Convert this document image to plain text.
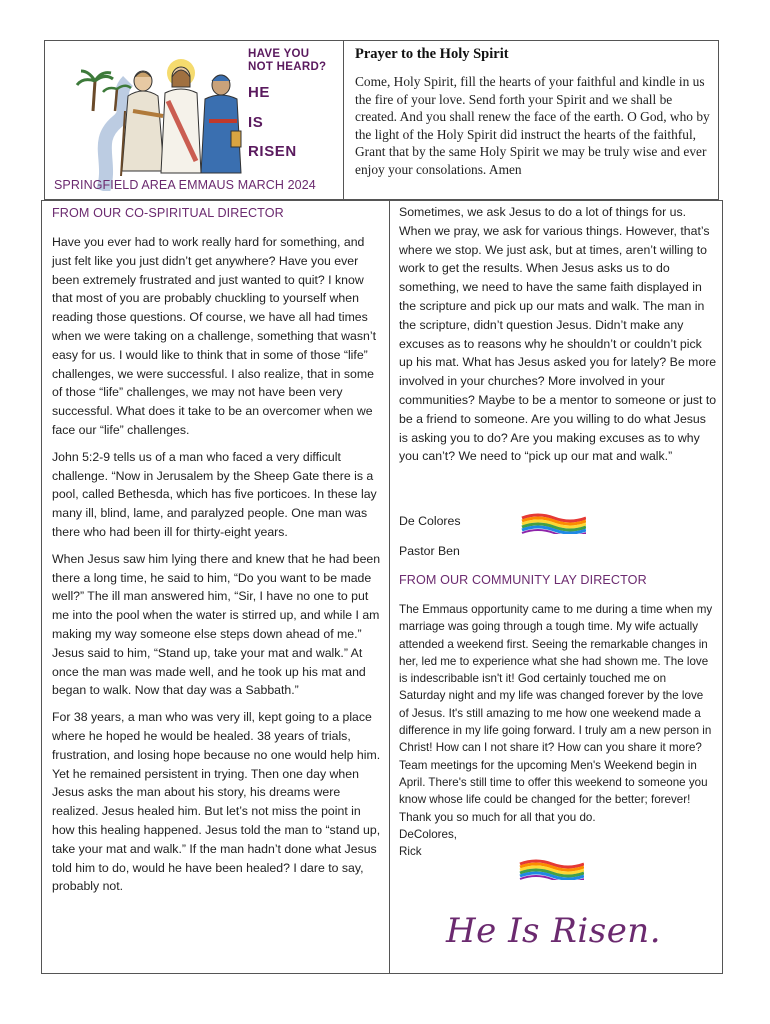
HAVE YOU NOT HEARD?
HE
IS
RISEN
SPRINGFIELD AREA EMMAUS MARCH 2024
Prayer to the Holy Spirit
Come, Holy Spirit, fill the hearts of your faithful and kindle in us the fire of your love. Send forth your Spirit and we shall be created. And you shall renew the face of the earth. O God, who by the light of the Holy Spirit did instruct the hearts of the faithful, Grant that by the same Holy Spirit we may be truly wise and ever enjoy your consolations. Amen
FROM OUR CO-SPIRITUAL DIRECTOR

Have you ever had to work really hard for something, and just felt like you just didn’t get anywhere? Have you ever been extremely frustrated and just wanted to quit? I know that most of you are probably chuckling to yourself when reading those questions. Of course, we have all had times when we were taking on a challenge, something that wasn’t easy for us. I would like to think that in some of those “life” challenges, we were successful. I also realize, that in some of those “life” challenges, we may not have been very successful. What does it take to be an overcomer when we face our “life” challenges.

John 5:2-9 tells us of a man who faced a very difficult challenge. “Now in Jerusalem by the Sheep Gate there is a pool, called Bethesda, which has five porticoes. In these lay many ill, blind, lame, and paralyzed people. One man was there who had been ill for thirty-eight years.

When Jesus saw him lying there and knew that he had been there a long time, he said to him, “Do you want to be made well?” The ill man answered him, “Sir, I have no one to put me into the pool when the water is stirred up, and while I am making my way someone else steps down ahead of me.” Jesus said to him, “Stand up, take your mat and walk.” At once the man was made well, and he took up his mat and began to walk. Now that day was a Sabbath.”

For 38 years, a man who was very ill, kept going to a place where he hoped he would be healed. 38 years of trials, frustration, and losing hope because no one would help him. Yet he remained persistent in trying. Then one day when Jesus asks the man about his story, his dreams were realized. Jesus healed him. But let’s not miss the point in how this healing happened. Jesus told the man to “stand up, take your mat and walk.” If the man hadn’t done what Jesus told him to do, would he have been healed? I dare to say, probably not.

Sometimes, we ask Jesus to do a lot of things for us. When we pray, we ask for various things. However, that’s where we stop. We just ask, but at times, aren’t willing to work to get the results. When Jesus asks us to do something, we need to have the same faith displayed in the scripture and pick up our mats and walk. The man in the scripture, didn’t question Jesus. Didn’t make any excuses as to reasons why he shouldn’t or couldn’t pick up his mat. What has Jesus asked you for lately? Be more involved in your churches? More involved in your communities? Maybe to be a mentor to someone or just to be a friend to someone. Are you willing to do what Jesus is asking you to do? Are you making excuses as to why you can’t? We need to “pick up our mat and walk.”

De Colores
Pastor Ben
FROM OUR COMMUNITY LAY DIRECTOR

The Emmaus opportunity came to me during a time when my marriage was going through a tough time. My wife actually attended a weekend first. Seeing the remarkable changes in her, led me to experience what she had shown me. The love is indescribable isn't it! God certainly touched me on Saturday night and my life was changed forever by the love of Jesus. It's still amazing to me how one weekend made a difference in my life going forward. I truly am a new person in Christ! How can I not share it? How can you share it more? Team meetings for the upcoming Men's Weekend begin in April. There's still time to offer this weekend to someone you know whose life could be changed for the better; forever! Thank you so much for all that you do.

DeColores,

Rick

He Is Risen.
